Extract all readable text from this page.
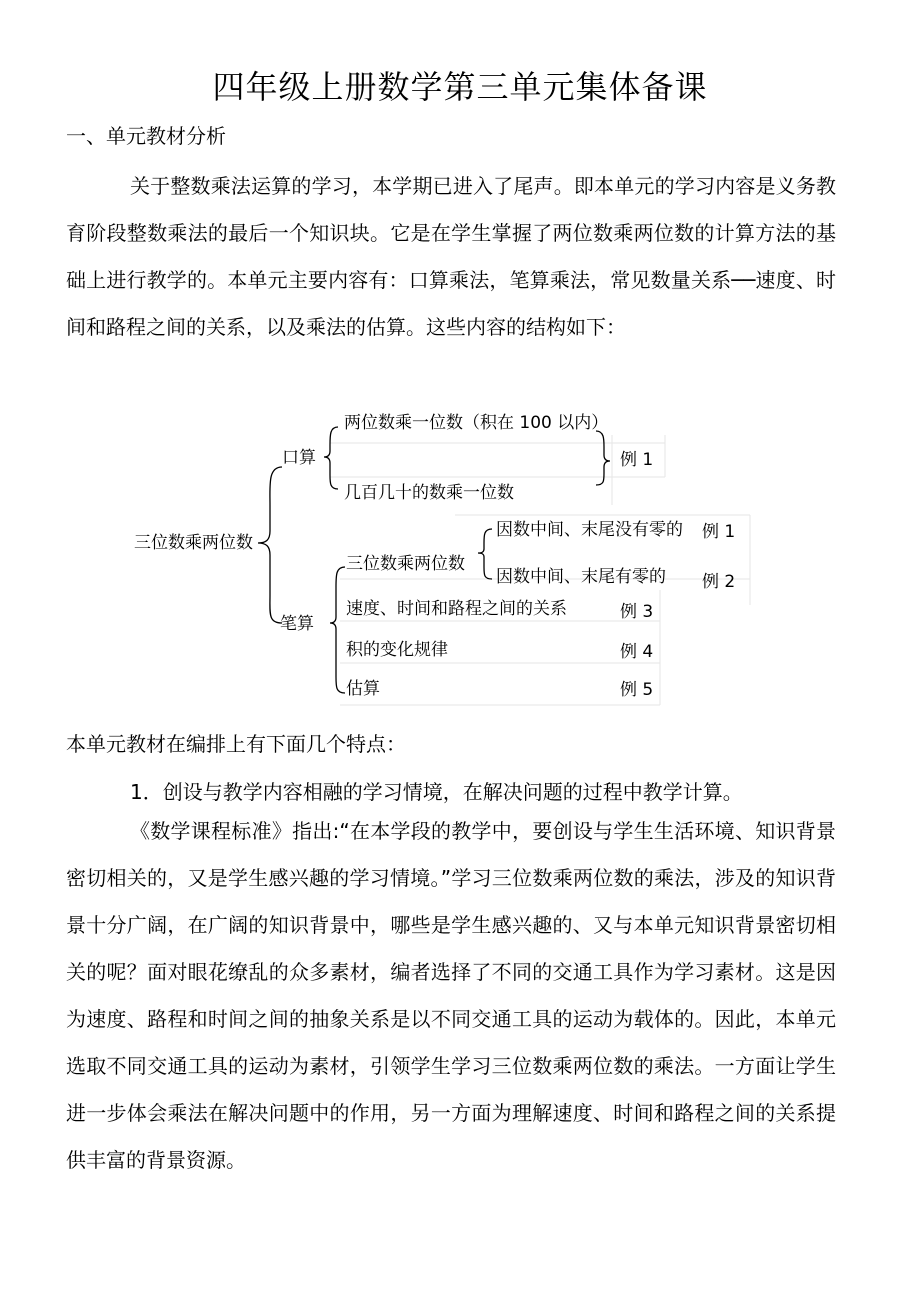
四年级上册数学第三单元集体备课
一、单元教材分析

关于整数乘法运算的学习，本学期已进入了尾声。即本单元的学习内容是义务教育阶段整数乘法的最后一个知识块。它是在学生掌握了两位数乘两位数的计算方法的基础上进行教学的。本单元主要内容有：口算乘法，笔算乘法，常见数量关系──速度、时间和路程之间的关系，以及乘法的估算。这些内容的结构如下：

三位数乘两位数
口算
两位数乘一位数（积在 100 以内）
几百几十的数乘一位数
例 1
笔算
三位数乘两位数
因数中间、末尾没有零的
因数中间、末尾有零的
例 1
例 2
速度、时间和路程之间的关系	例 3
积的变化规律	例 4
估算	例 5
本单元教材在编排上有下面几个特点：
1．创设与教学内容相融的学习情境，在解决问题的过程中教学计算。

《数学课程标准》指出:“在本学段的教学中，要创设与学生生活环境、知识背景密切相关的，又是学生感兴趣的学习情境。”学习三位数乘两位数的乘法，涉及的知识背景十分广阔，在广阔的知识背景中，哪些是学生感兴趣的、又与本单元知识背景密切相关的呢？面对眼花缭乱的众多素材，编者选择了不同的交通工具作为学习素材。这是因为速度、路程和时间之间的抽象关系是以不同交通工具的运动为载体的。因此，本单元选取不同交通工具的运动为素材，引领学生学习三位数乘两位数的乘法。一方面让学生进一步体会乘法在解决问题中的作用，另一方面为理解速度、时间和路程之间的关系提供丰富的背景资源。
